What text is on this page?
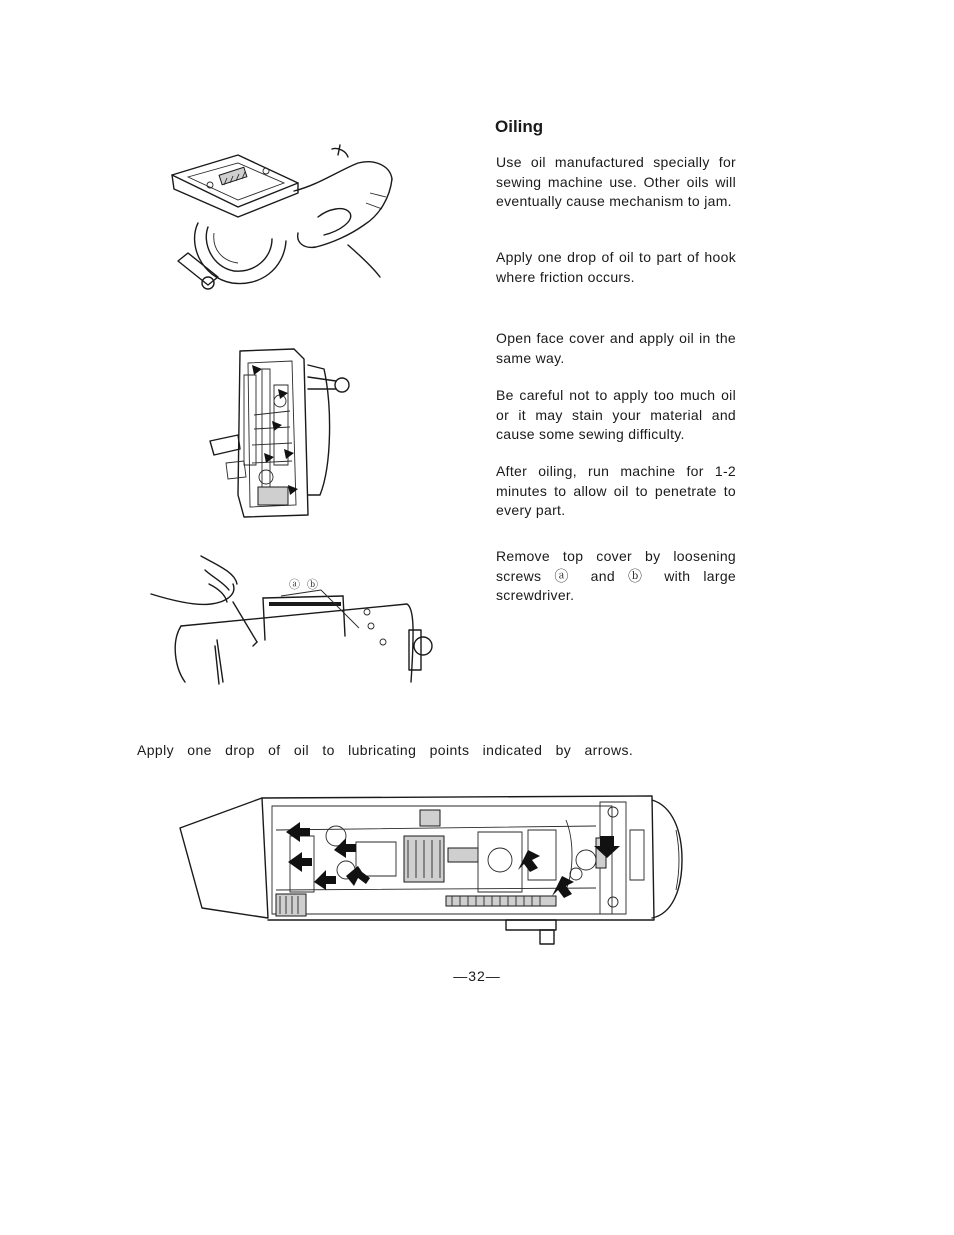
Oiling

Use oil manufactured specially for sewing machine use. Other oils will eventually cause mechanism to jam.

Apply one drop of oil to part of hook where friction occurs.

Open face cover and apply oil in the same way.

Be careful not to apply too much oil or it may stain your material and cause some sewing difficulty.

After oiling, run machine for 1-2 minutes to allow oil to penetrate to every part.

Remove top cover by loosening screws ⓐ and ⓑ with large screwdriver.

Apply one drop of oil to lubricating points indicated by arrows.

—32—

ⓐ ⓑ
